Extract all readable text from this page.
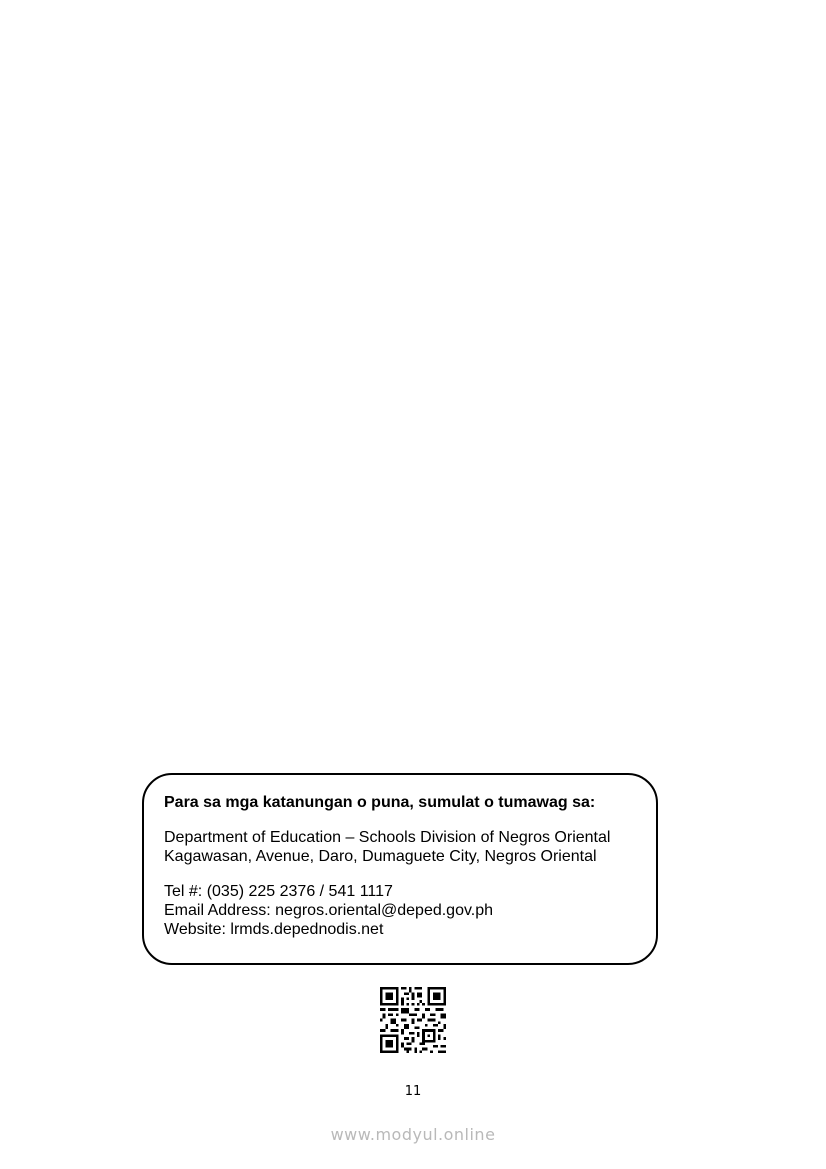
Para sa mga katanungan o puna, sumulat o tumawag sa:

Department of Education – Schools Division of Negros Oriental
Kagawasan, Avenue, Daro, Dumaguete City, Negros Oriental
Tel #: (035) 225 2376 / 541 1117
Email Address: negros.oriental@deped.gov.ph
Website: lrmds.depednodis.net
11
www.modyul.online
